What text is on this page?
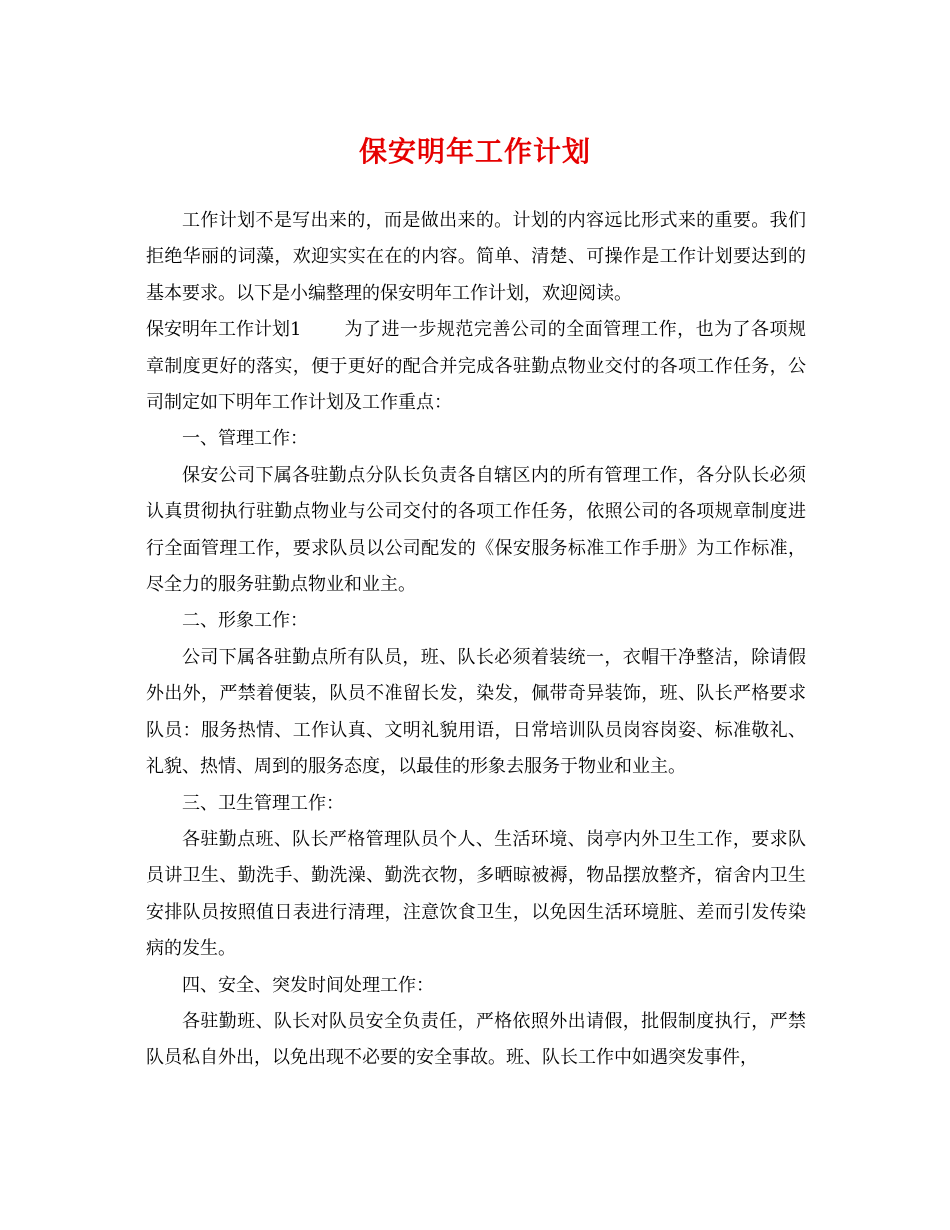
保安明年工作计划

工作计划不是写出来的，而是做出来的。计划的内容远比形式来的重要。我们拒绝华丽的词藻，欢迎实实在在的内容。简单、清楚、可操作是工作计划要达到的基本要求。以下是小编整理的保安明年工作计划，欢迎阅读。

保安明年工作计划1 为了进一步规范完善公司的全面管理工作，也为了各项规章制度更好的落实，便于更好的配合并完成各驻勤点物业交付的各项工作任务，公司制定如下明年工作计划及工作重点：

一、管理工作：

保安公司下属各驻勤点分队长负责各自辖区内的所有管理工作，各分队长必须认真贯彻执行驻勤点物业与公司交付的各项工作任务，依照公司的各项规章制度进行全面管理工作，要求队员以公司配发的《保安服务标准工作手册》为工作标准，尽全力的服务驻勤点物业和业主。

二、形象工作：

公司下属各驻勤点所有队员，班、队长必须着装统一，衣帽干净整洁，除请假外出外，严禁着便装，队员不准留长发，染发，佩带奇异装饰，班、队长严格要求队员：服务热情、工作认真、文明礼貌用语，日常培训队员岗容岗姿、标准敬礼、礼貌、热情、周到的服务态度，以最佳的形象去服务于物业和业主。

三、卫生管理工作：

各驻勤点班、队长严格管理队员个人、生活环境、岗亭内外卫生工作，要求队员讲卫生、勤洗手、勤洗澡、勤洗衣物，多晒晾被褥，物品摆放整齐，宿舍内卫生安排队员按照值日表进行清理，注意饮食卫生，以免因生活环境脏、差而引发传染病的发生。

四、安全、突发时间处理工作：

各驻勤班、队长对队员安全负责任，严格依照外出请假，批假制度执行，严禁队员私自外出，以免出现不必要的安全事故。班、队长工作中如遇突发事件，
